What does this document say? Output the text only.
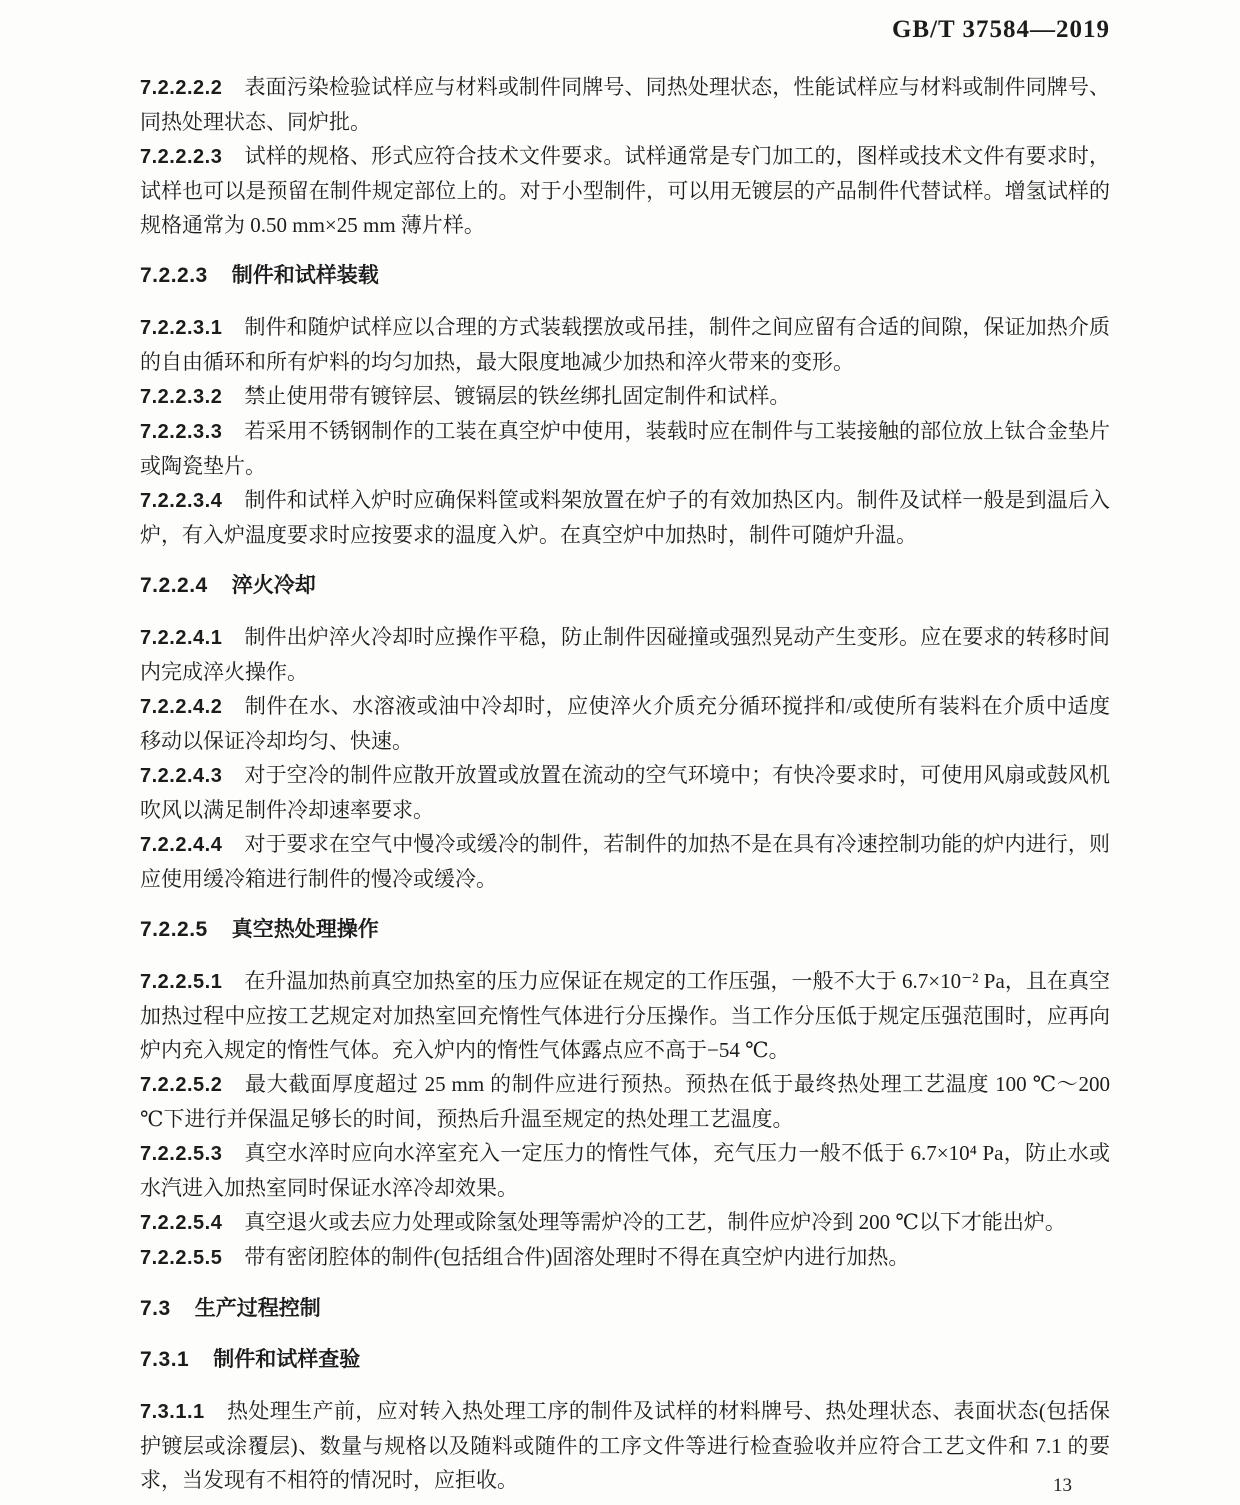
GB/T 37584—2019

7.2.2.2.2 表面污染检验试样应与材料或制件同牌号、同热处理状态，性能试样应与材料或制件同牌号、同热处理状态、同炉批。

7.2.2.2.3 试样的规格、形式应符合技术文件要求。试样通常是专门加工的，图样或技术文件有要求时，试样也可以是预留在制件规定部位上的。对于小型制件，可以用无镀层的产品制件代替试样。增氢试样的规格通常为 0.50 mm×25 mm 薄片样。

7.2.2.3 制件和试样装载

7.2.2.3.1 制件和随炉试样应以合理的方式装载摆放或吊挂，制件之间应留有合适的间隙，保证加热介质的自由循环和所有炉料的均匀加热，最大限度地减少加热和淬火带来的变形。

7.2.2.3.2 禁止使用带有镀锌层、镀镉层的铁丝绑扎固定制件和试样。

7.2.2.3.3 若采用不锈钢制作的工装在真空炉中使用，装载时应在制件与工装接触的部位放上钛合金垫片或陶瓷垫片。

7.2.2.3.4 制件和试样入炉时应确保料筐或料架放置在炉子的有效加热区内。制件及试样一般是到温后入炉，有入炉温度要求时应按要求的温度入炉。在真空炉中加热时，制件可随炉升温。

7.2.2.4 淬火冷却

7.2.2.4.1 制件出炉淬火冷却时应操作平稳，防止制件因碰撞或强烈晃动产生变形。应在要求的转移时间内完成淬火操作。

7.2.2.4.2 制件在水、水溶液或油中冷却时，应使淬火介质充分循环搅拌和/或使所有装料在介质中适度移动以保证冷却均匀、快速。

7.2.2.4.3 对于空冷的制件应散开放置或放置在流动的空气环境中；有快冷要求时，可使用风扇或鼓风机吹风以满足制件冷却速率要求。

7.2.2.4.4 对于要求在空气中慢冷或缓冷的制件，若制件的加热不是在具有冷速控制功能的炉内进行，则应使用缓冷箱进行制件的慢冷或缓冷。

7.2.2.5 真空热处理操作

7.2.2.5.1 在升温加热前真空加热室的压力应保证在规定的工作压强，一般不大于 6.7×10⁻² Pa，且在真空加热过程中应按工艺规定对加热室回充惰性气体进行分压操作。当工作分压低于规定压强范围时，应再向炉内充入规定的惰性气体。充入炉内的惰性气体露点应不高于−54 ℃。

7.2.2.5.2 最大截面厚度超过 25 mm 的制件应进行预热。预热在低于最终热处理工艺温度 100 ℃～200 ℃下进行并保温足够长的时间，预热后升温至规定的热处理工艺温度。

7.2.2.5.3 真空水淬时应向水淬室充入一定压力的惰性气体，充气压力一般不低于 6.7×10⁴ Pa，防止水或水汽进入加热室同时保证水淬冷却效果。

7.2.2.5.4 真空退火或去应力处理或除氢处理等需炉冷的工艺，制件应炉冷到 200 ℃以下才能出炉。

7.2.2.5.5 带有密闭腔体的制件(包括组合件)固溶处理时不得在真空炉内进行加热。

7.3 生产过程控制
7.3.1 制件和试样查验

7.3.1.1 热处理生产前，应对转入热处理工序的制件及试样的材料牌号、热处理状态、表面状态(包括保护镀层或涂覆层)、数量与规格以及随料或随件的工序文件等进行检查验收并应符合工艺文件和 7.1 的要求，当发现有不相符的情况时，应拒收。	13
